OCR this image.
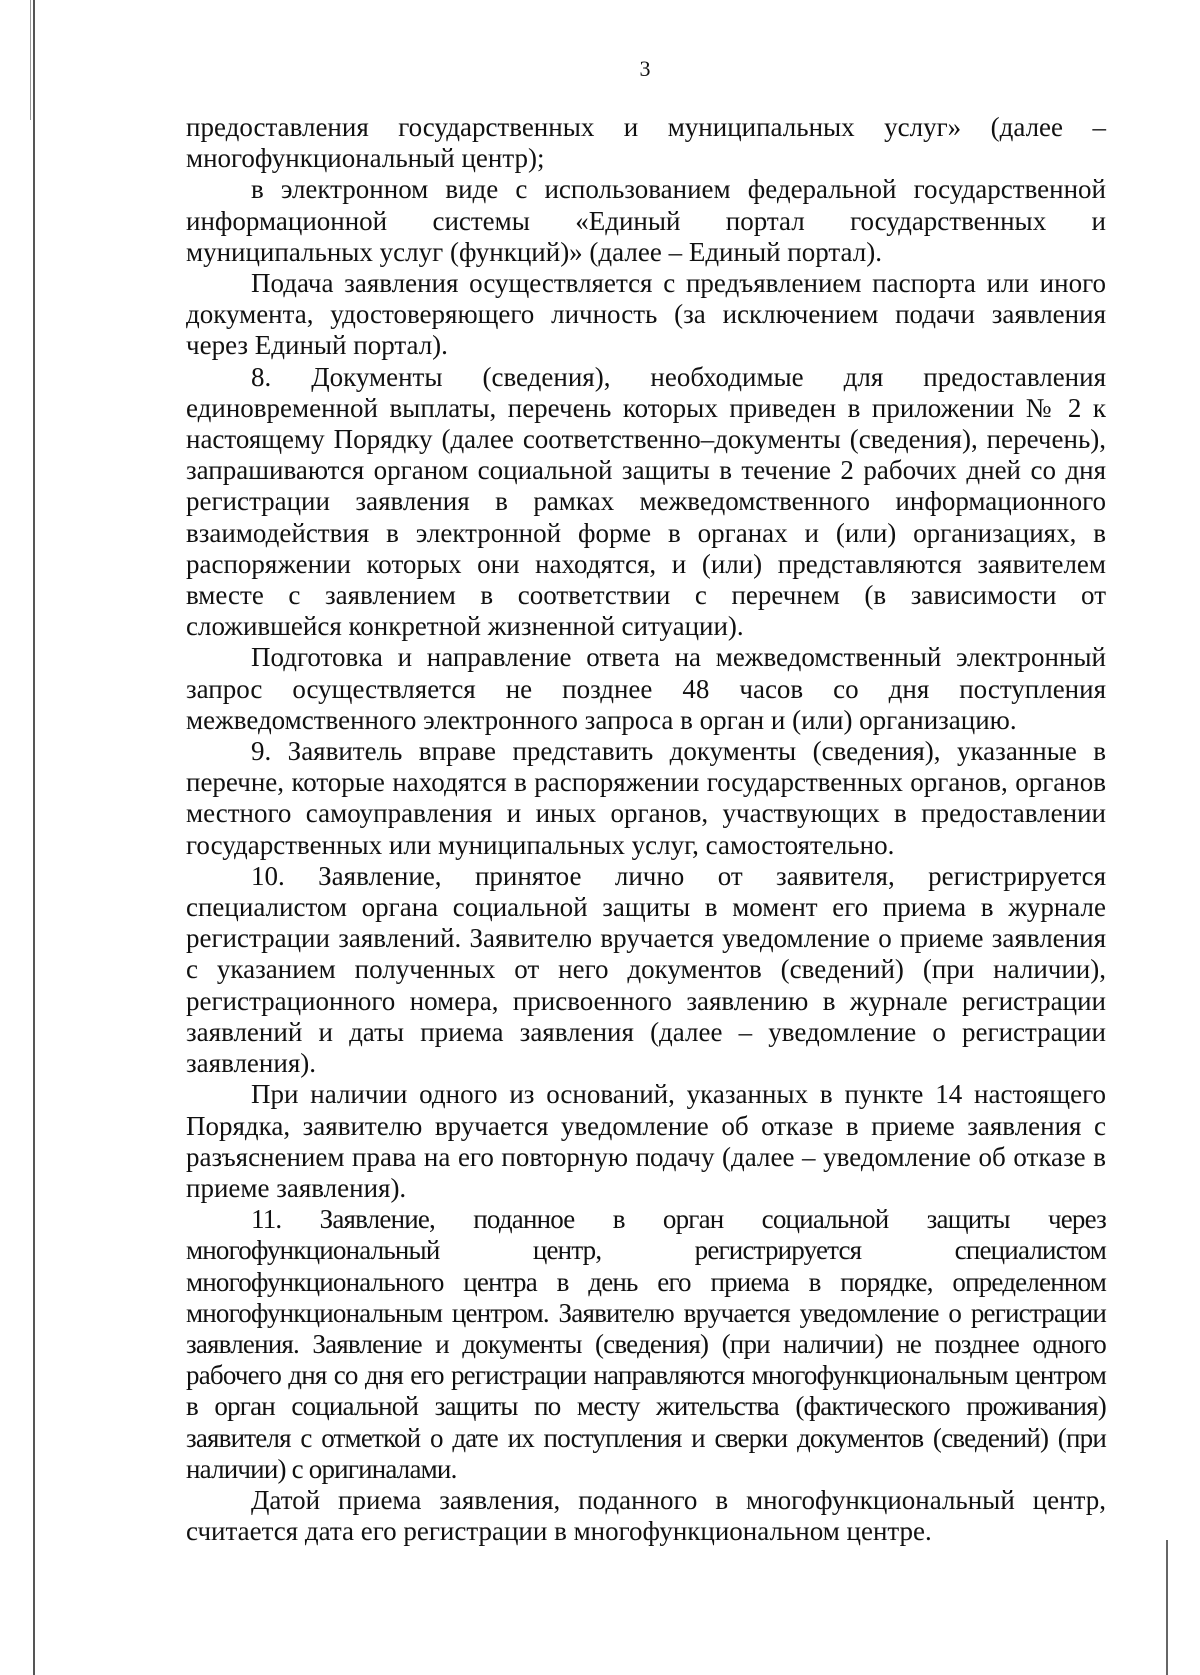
3

предоставления государственных и муниципальных услуг» (далее – многофункциональный центр);

в электронном виде с использованием федеральной государственной информационной системы «Единый портал государственных и муниципальных услуг (функций)» (далее – Единый портал).

Подача заявления осуществляется с предъявлением паспорта или иного документа, удостоверяющего личность (за исключением подачи заявления через Единый портал).

8. Документы (сведения), необходимые для предоставления единовременной выплаты, перечень которых приведен в приложении № 2 к настоящему Порядку (далее соответственно–документы (сведения), перечень), запрашиваются органом социальной защиты в течение 2 рабочих дней со дня регистрации заявления в рамках межведомственного информационного взаимодействия в электронной форме в органах и (или) организациях, в распоряжении которых они находятся, и (или) представляются заявителем вместе с заявлением в соответствии с перечнем (в зависимости от сложившейся конкретной жизненной ситуации).

Подготовка и направление ответа на межведомственный электронный запрос осуществляется не позднее 48 часов со дня поступления межведомственного электронного запроса в орган и (или) организацию.

9. Заявитель вправе представить документы (сведения), указанные в перечне, которые находятся в распоряжении государственных органов, органов местного самоуправления и иных органов, участвующих в предоставлении государственных или муниципальных услуг, самостоятельно.

10. Заявление, принятое лично от заявителя, регистрируется специалистом органа социальной защиты в момент его приема в журнале регистрации заявлений. Заявителю вручается уведомление о приеме заявления с указанием полученных от него документов (сведений) (при наличии), регистрационного номера, присвоенного заявлению в журнале регистрации заявлений и даты приема заявления (далее – уведомление о регистрации заявления).

При наличии одного из оснований, указанных в пункте 14 настоящего Порядка, заявителю вручается уведомление об отказе в приеме заявления с разъяснением права на его повторную подачу (далее – уведомление об отказе в приеме заявления).

11. Заявление, поданное в орган социальной защиты через многофункциональный центр, регистрируется специалистом многофункционального центра в день его приема в порядке, определенном многофункциональным центром. Заявителю вручается уведомление о регистрации заявления. Заявление и документы (сведения) (при наличии) не позднее одного рабочего дня со дня его регистрации направляются многофункциональным центром в орган социальной защиты по месту жительства (фактического проживания) заявителя с отметкой о дате их поступления и сверки документов (сведений) (при наличии) с оригиналами.

Датой приема заявления, поданного в многофункциональный центр, считается дата его регистрации в многофункциональном центре.
